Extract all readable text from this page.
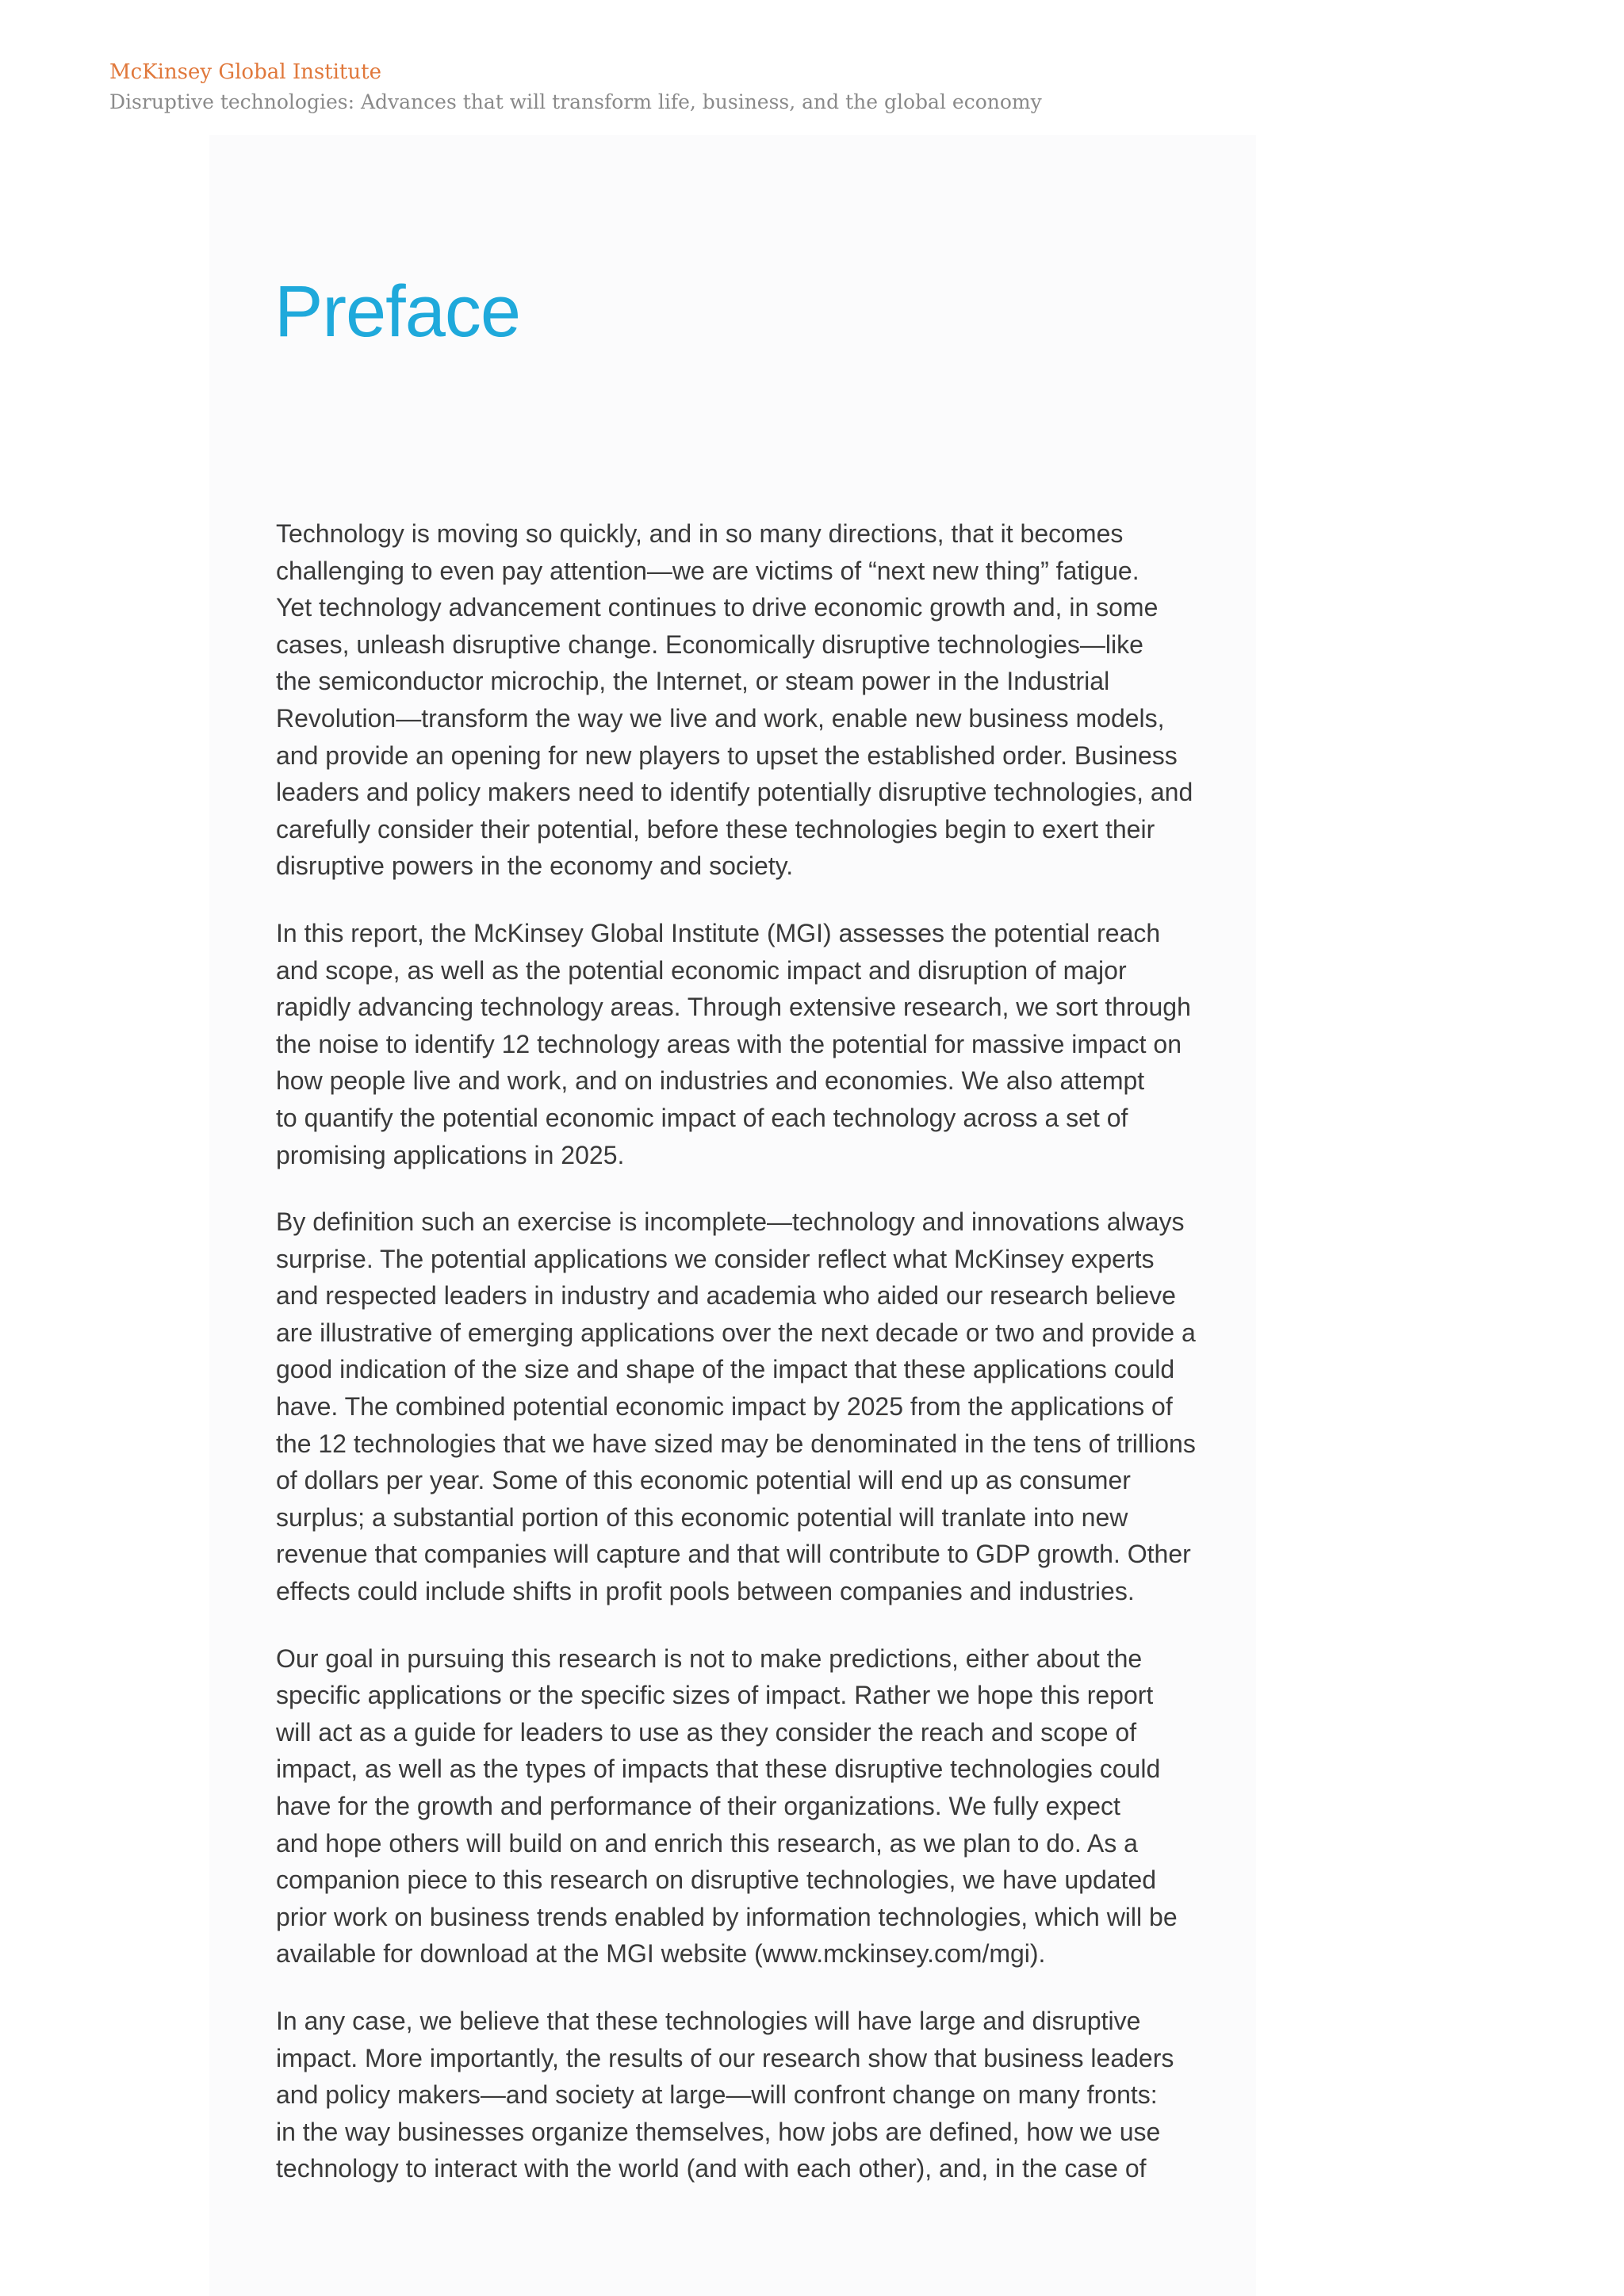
McKinsey Global Institute
Disruptive technologies: Advances that will transform life, business, and the global economy
Preface
Technology is moving so quickly, and in so many directions, that it becomes
challenging to even pay attention—we are victims of “next new thing” fatigue.
Yet technology advancement continues to drive economic growth and, in some
cases, unleash disruptive change. Economically disruptive technologies—like
the semiconductor microchip, the Internet, or steam power in the Industrial
Revolution—transform the way we live and work, enable new business models,
and provide an opening for new players to upset the established order. Business
leaders and policy makers need to identify potentially disruptive technologies, and
carefully consider their potential, before these technologies begin to exert their
disruptive powers in the economy and society.
In this report, the McKinsey Global Institute (MGI) assesses the potential reach
and scope, as well as the potential economic impact and disruption of major
rapidly advancing technology areas. Through extensive research, we sort through
the noise to identify 12 technology areas with the potential for massive impact on
how people live and work, and on industries and economies. We also attempt
to quantify the potential economic impact of each technology across a set of
promising applications in 2025.
By definition such an exercise is incomplete—technology and innovations always
surprise. The potential applications we consider reflect what McKinsey experts
and respected leaders in industry and academia who aided our research believe
are illustrative of emerging applications over the next decade or two and provide a
good indication of the size and shape of the impact that these applications could
have. The combined potential economic impact by 2025 from the applications of
the 12 technologies that we have sized may be denominated in the tens of trillions
of dollars per year. Some of this economic potential will end up as consumer
surplus; a substantial portion of this economic potential will tranlate into new
revenue that companies will capture and that will contribute to GDP growth. Other
effects could include shifts in profit pools between companies and industries.
Our goal in pursuing this research is not to make predictions, either about the
specific applications or the specific sizes of impact. Rather we hope this report
will act as a guide for leaders to use as they consider the reach and scope of
impact, as well as the types of impacts that these disruptive technologies could
have for the growth and performance of their organizations. We fully expect
and hope others will build on and enrich this research, as we plan to do. As a
companion piece to this research on disruptive technologies, we have updated
prior work on business trends enabled by information technologies, which will be
available for download at the MGI website (www.mckinsey.com/mgi).
In any case, we believe that these technologies will have large and disruptive
impact. More importantly, the results of our research show that business leaders
and policy makers—and society at large—will confront change on many fronts:
in the way businesses organize themselves, how jobs are defined, how we use
technology to interact with the world (and with each other), and, in the case of
